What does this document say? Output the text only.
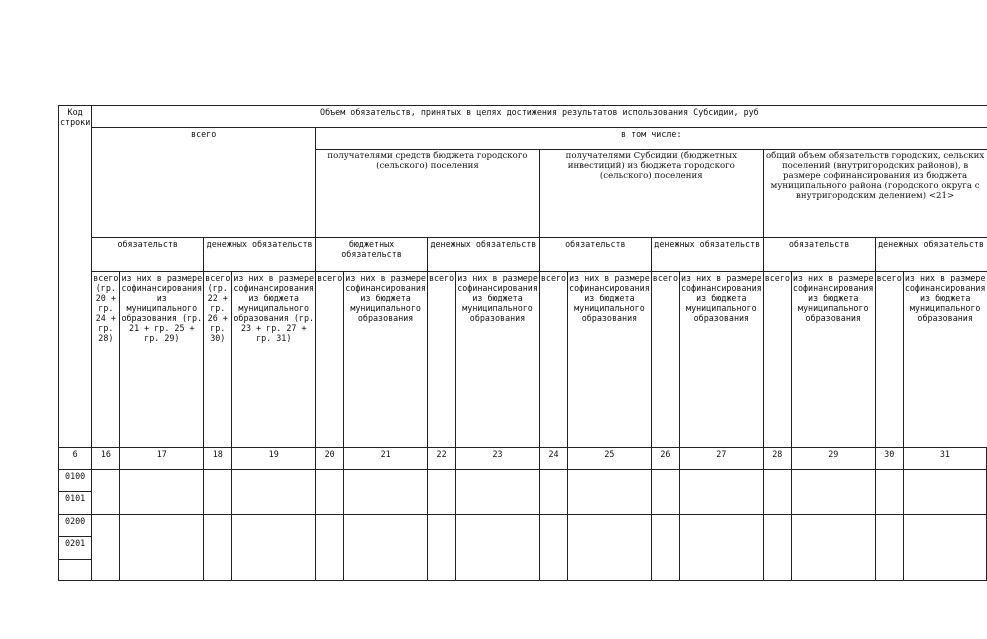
Код строки	Объем обязательств, принятых в целях достижения результатов использования Субсидии, руб															
	всего				в том числе:											
					получателями средств бюджета городского (сельского) поселения				получателями Субсидии (бюджетных инвестиций) из бюджета городского (сельского) поселения				общий объем обязательств городских, сельских поселений (внутригородских районов), в размере софинансирования из бюджета муниципального района (городского округа с внутригородским делением) <21>			
	обязательств		денежных обязательств		бюджетных обязательств		денежных обязательств		обязательств		денежных обязательств		обязательств		денежных обязательств	
	всего (гр. 20 + гр. 24 + гр. 28)	из них в размере софинансирования из муниципального образования (гр. 21 + гр. 25 + гр. 29)	всего (гр. 22 + гр. 26 + гр. 30)	из них в размере софинансирования из бюджета муниципального образования (гр. 23 + гр. 27 + гр. 31)	всего	из них в размере софинансирования из бюджета муниципального образования	всего	из них в размере софинансирования из бюджета муниципального образования	всего	из них в размере софинансирования из бюджета муниципального образования	всего	из них в размере софинансирования из бюджета муниципального образования	всего	из них в размере софинансирования из бюджета муниципального образования	всего	из них в размере софинансирования из бюджета муниципального образования
6	16	17	18	19	20	21	22	23	24	25	26	27	28	29	30	31
0100																
0101																
0200																
0201																
